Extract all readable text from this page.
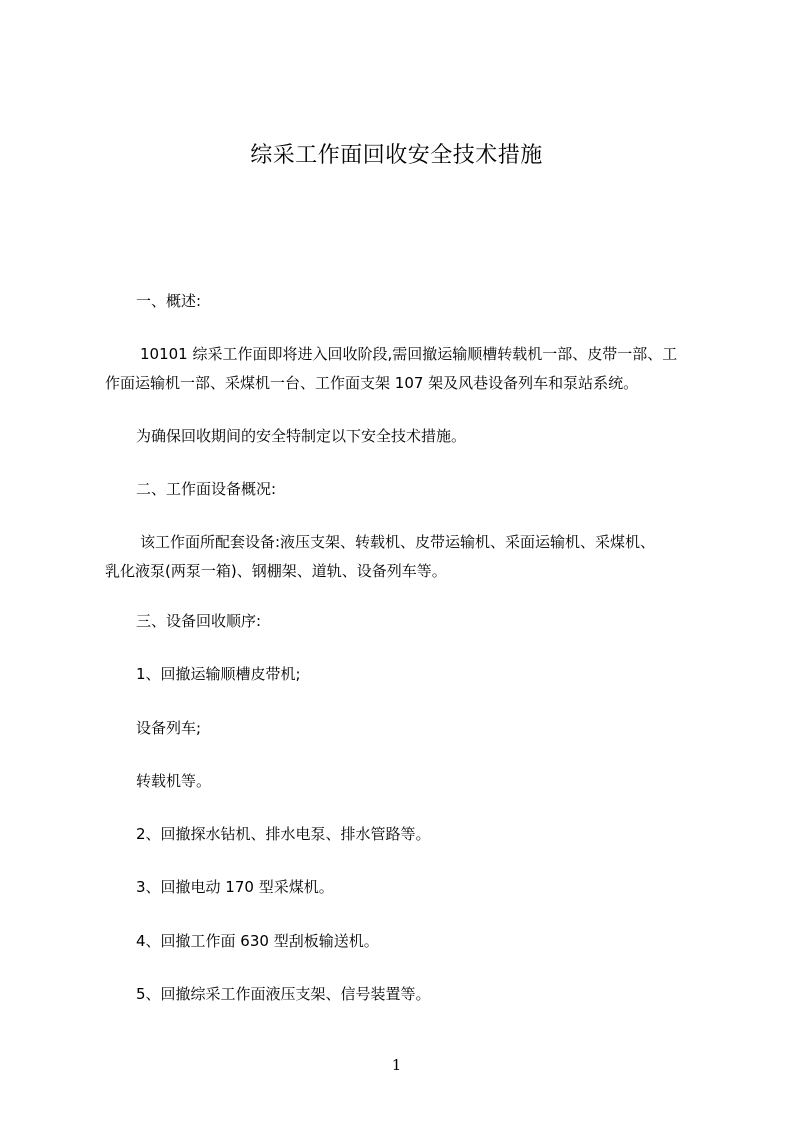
综采工作面回收安全技术措施
一、概述:
10101 综采工作面即将进入回收阶段,需回撤运输顺槽转载机一部、皮带一部、工
作面运输机一部、采煤机一台、工作面支架 107 架及风巷设备列车和泵站系统。
为确保回收期间的安全特制定以下安全技术措施。
二、工作面设备概况:
该工作面所配套设备:液压支架、转载机、皮带运输机、采面运输机、采煤机、
乳化液泵(两泵一箱)、钢棚架、道轨、设备列车等。
三、设备回收顺序:
1、回撤运输顺槽皮带机;
设备列车;
转载机等。
2、回撤探水钻机、排水电泵、排水管路等。
3、回撤电动 170 型采煤机。
4、回撤工作面 630 型刮板输送机。
5、回撤综采工作面液压支架、信号装置等。
1
